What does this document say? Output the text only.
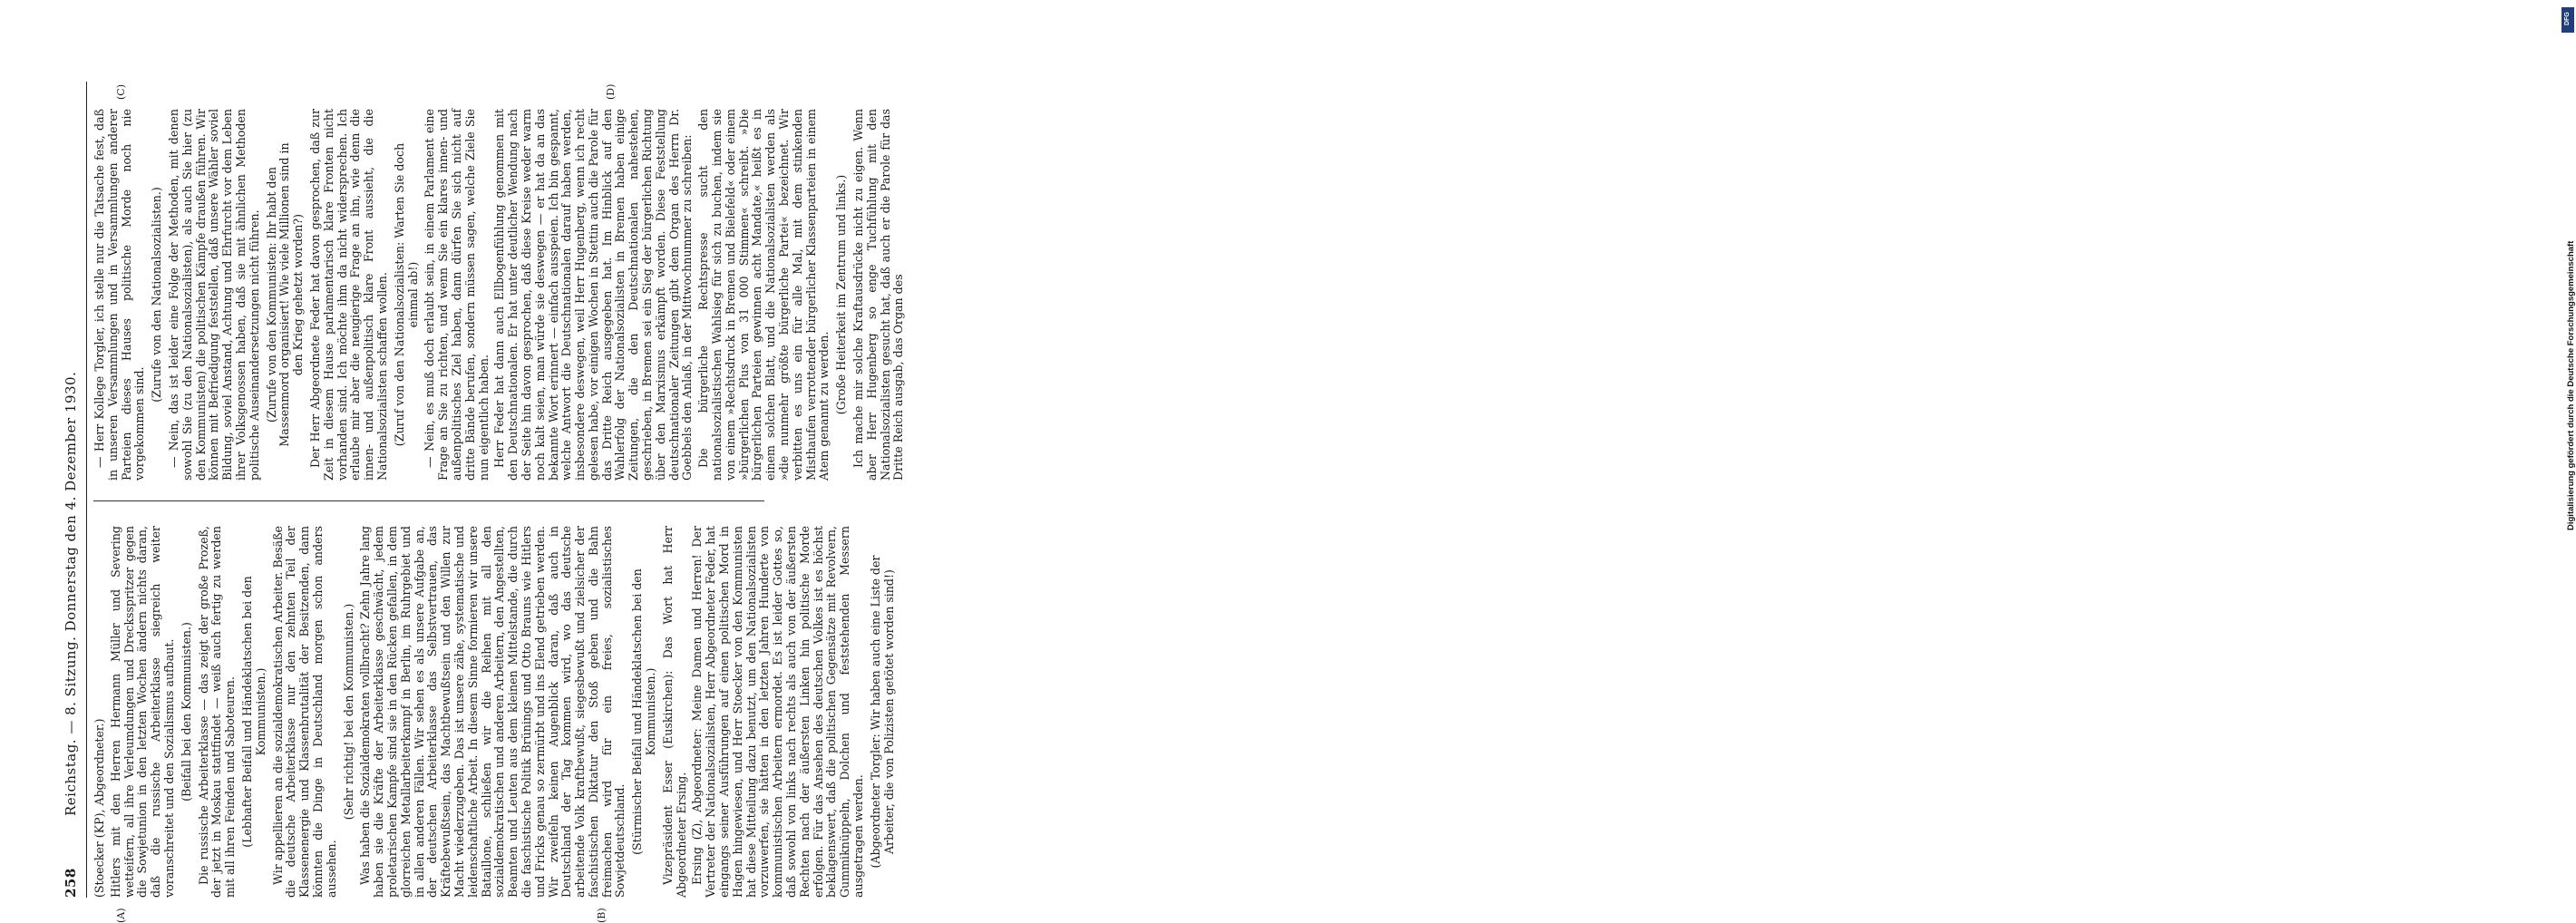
258
Reichstag. — 8. Sitzung. Donnerstag den 4. Dezember 1930. (Stoecker (KP), Abgeordneter.) Hitlers mit den Herren Hermann Müller und Severing wetteifern, all ihre Verleumdungen und Drecksspritzer gegen die Sowjetunion in den letzten Wochen ändern nichts daran, daß die russische Arbeiterklasse siegreich weiter voranschreitet und den Sozialismus aufbaut. (Beifall bei den Kommunisten.) Die russische Arbeiterklasse — das zeigt der große Prozeß, der jetzt in Moskau stattfindet — weiß auch fertig zu werden mit all ihren Feinden und Saboteuren. (Lebhafter Beifall und Händeklatschen bei den Kommunisten.) Wir appellieren an die sozialdemokratischen Arbeiter. Besäße die deutsche Arbeiterklasse nur den zehnten Teil der Klassenenergie und Klassenbrutalität der Besitzenden, dann könnten die Dinge in Deutschland morgen schon anders aussehen.

(Sehr richtig! bei den Kommunisten.) Was haben die Sozialdemokraten vollbracht? Zehn Jahre lang haben sie die Kräfte der Arbeiterklasse geschwächt, jedem proletarischen Kampfe sind sie in den Rücken gefallen, in dem glorreichen Metallarbeiterkampf in Berlin, im Ruhrgebiet und in allen anderen Fällen. Wir sehen es als unsere Aufgabe an, der deutschen Arbeiterklasse das Selbstvertrauen, das Kräftebewußtsein, das Machtbewußtsein und den Willen zur Macht wiederzugeben. Das ist unsere zähe, systematische und leidenschaftliche Arbeit. In diesem Sinne formieren wir unsere Bataillone, schließen wir die Reihen mit all den sozialdemokratischen und anderen Arbeitern, den Angestellten, Beamten und Leuten aus dem kleinen Mittelstande, die durch die faschistische Politik Brünings und Otto Brauns wie Hitlers und Fricks genau so zermürbt und ins Elend getrieben werden. Wir zweifeln keinen Augenblick daran, daß auch in Deutschland der Tag kommen wird, wo das deutsche arbeitende Volk kraftbewußt, siegesbewußt und zielsicher der faschistischen Diktatur den Stoß geben und die Bahn freimachen wird für ein freies, sozialistisches Sowjetdeutschland. (Stürmischer Beifall und Händeklatschen bei den Kommunisten.) Vizepräsident Esser (Euskirchen): Das Wort hat Herr Abgeordneter Ersing. Ersing (Z), Abgeordneter: Meine Damen und Herren! Der Vertreter der Nationalsozialisten, Herr Abgeordneter Feder, hat eingangs seiner Ausführungen auf einen politischen Mord in Hagen hingewiesen, und Herr Stoecker von den Kommunisten hat diese Mitteilung dazu benutzt, um den Nationalsozialisten vorzuwerfen, sie hätten in den letzten Jahren Hunderte von kommunistischen Arbeitern ermordet. Es ist leider Gottes so, daß sowohl von links nach rechts als auch von der äußersten Rechten nach der äußersten Linken hin politische Morde erfolgen. Für das Ansehen des deutschen Volkes ist es höchst beklagenswert, daß die politischen Gegensätze mit Revolvern, Gummiknüppeln, Dolchen und feststehenden Messern ausgetragen werden. (Abgeordneter Torgler: Wir haben auch eine Liste der Arbeiter, die von Polizisten getötet worden sind!)

— Herr Kollege Torgler, ich stelle nur die Tatsache fest, daß in unseren Versammlungen und in Versammlungen anderer Parteien dieses Hauses politische Morde noch nie vorgekommen sind.

(Zurufe von den Nationalsozialisten.) — Nein, das ist leider eine Folge der Methoden, mit denen sowohl Sie (zu den Nationalsozialisten), als auch Sie hier (zu den Kommunisten) die politischen Kämpfe draußen führen. Wir können mit Befriedigung feststellen, daß unsere Wähler soviel Bildung, soviel Anstand, Achtung und Ehrfurcht vor dem Leben ihrer Volksgenossen haben, daß sie mit ähnlichen Methoden politische Auseinandersetzungen nicht führen. (Zurufe von den Kommunisten: Ihr habt den Massenmord organisiert! Wie viele Millionen sind in den Krieg gehetzt worden?) Der Herr Abgeordnete Feder hat davon gesprochen, daß zur Zeit in diesem Hause parlamentarisch klare Fronten nicht vorhanden sind. Ich möchte ihm da nicht widersprechen. Ich erlaube mir aber die neugierige Frage an ihn, wie denn die innen- und außenpolitisch klare Front aussieht, die die Nationalsozialisten schaffen wollen. (Zuruf von den Nationalsozialisten: Warten Sie doch einmal ab!) — Nein, es muß doch erlaubt sein, in einem Parlament eine Frage an Sie zu richten, und wenn Sie ein klares innen- und außenpolitisches Ziel haben, dann dürfen Sie sich nicht auf dritte Bände berufen, sondern müssen sagen, welche Ziele Sie nun eigentlich haben. Herr Feder hat dann auch Ellbogenfühlung genommen mit den Deutschnationalen. Er hat unter deutlicher Wendung nach der Seite hin davon gesprochen, daß diese Kreise weder warm noch kalt seien, man würde sie deswegen — er hat da an das bekannte Wort erinnert — einfach ausspeien. Ich bin gespannt, welche Antwort die Deutschnationalen darauf haben werden, insbesondere deswegen, weil Herr Hugenberg, wenn ich recht gelesen habe, vor einigen Wochen in Stettin auch die Parole für das Dritte Reich ausgegeben hat. Im Hinblick auf den Wahlerfolg der Nationalsozialisten in Bremen haben einige Zeitungen, die den Deutschnationalen nahestehen, geschrieben, in Bremen sei ein Sieg der bürgerlichen Richtung über den Marxismus erkämpft worden. Diese Feststellung deutschnationaler Zeitungen gibt dem Organ des Herrn Dr. Goebbels den Anlaß, in der Mittwochnummer zu schreiben: Die bürgerliche Rechtspresse sucht den nationalsozialistischen Wahlsieg für sich zu buchen, indem sie von einem »Rechtsdruck in Bremen und Bielefeld« oder einem »bürgerlichen Plus von 31 000 Stimmen« schreibt. »Die bürgerlichen Parteien gewinnen acht Mandate,« heißt es in einem solchen Blatt, und die Nationalsozialisten werden als »die nunmehr größte bürgerliche Partei« bezeichnet. Wir verbitten es uns ein für alle Mal, mit dem stinkenden Misthaufen verrottender bürgerlicher Klassenparteien in einem Atem genannt zu werden. (Große Heiterkeit im Zentrum und links.) Ich mache mir solche Kraftausdrücke nicht zu eigen. Wenn aber Herr Hugenberg so enge Tuchfühlung mit den Nationalsozialisten gesucht hat, daß auch er die Parole für das Dritte Reich ausgab, das Organ des

(A)	(B)
(C)	(D)
DFG
Digitalisierung gefördert durch die Deutsche Forschungsgemeinschaft
